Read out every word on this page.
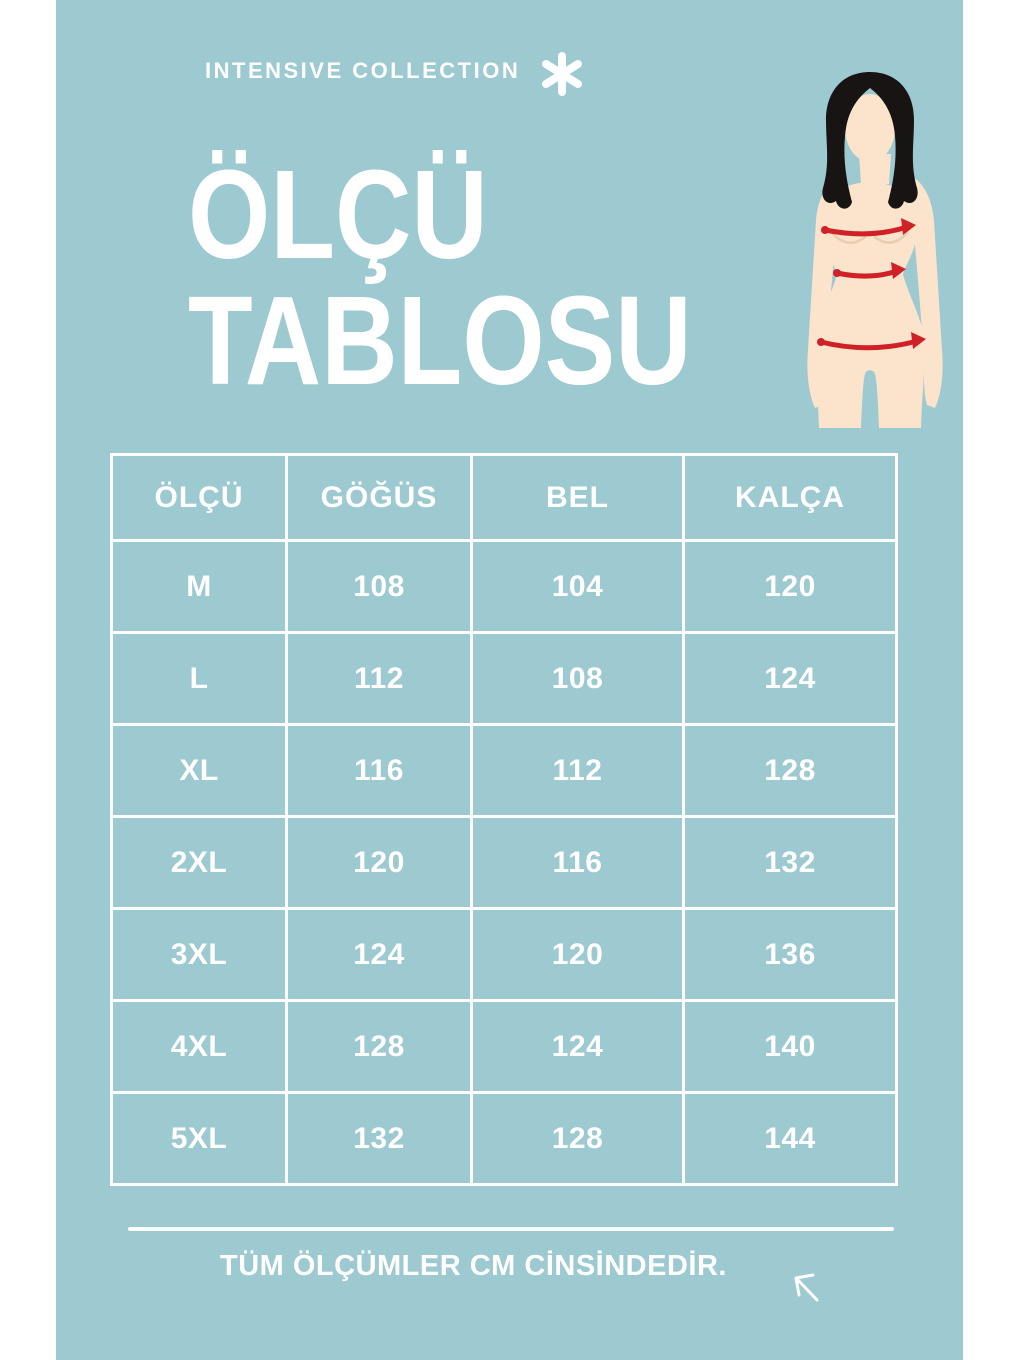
INTENSIVE COLLECTION
ÖLÇÜ
TABLOSU
ÖLÇÜ	GÖĞÜS	BEL	KALÇA
M	108	104	120
L	112	108	124
XL	116	112	128
2XL	120	116	132
3XL	124	120	136
4XL	128	124	140
5XL	132	128	144
TÜM ÖLÇÜMLER CM CİNSİNDEDİR.
